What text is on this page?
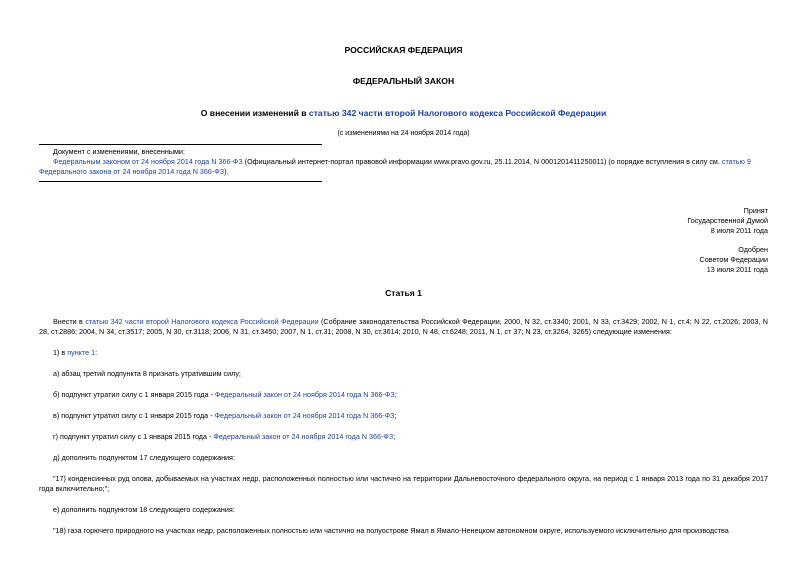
РОССИЙСКАЯ ФЕДЕРАЦИЯ
ФЕДЕРАЛЬНЫЙ ЗАКОН
О внесении изменений в статью 342 части второй Налогового кодекса Российской Федерации
(с изменениями на 24 ноября 2014 года)
Документ с изменениями, внесенными:
Федеральным законом от 24 ноября 2014 года N 366-ФЗ (Официальный интернет-портал правовой информации www.pravo.gov.ru, 25.11.2014, N 0001201411250011) (о порядке вступления в силу см. статью 9 Федерального закона от 24 ноября 2014 года N 366-ФЗ).
Принят
Государственной Думой
8 июля 2011 года
Одобрен
Советом Федерации
13 июля 2011 года
Статья 1
Внести в статью 342 части второй Налогового кодекса Российской Федерации (Собрание законодательства Российской Федерации, 2000, N 32, ст.3340; 2001, N 33, ст.3429; 2002, N 1, ст.4; N 22, ст.2026; 2003, N 28, ст.2886; 2004, N 34, ст.3517; 2005, N 30, ст.3118; 2006, N 31, ст.3450; 2007, N 1, ст.31; 2008, N 30, ст.3614; 2010, N 48, ст.6248; 2011, N 1, ст 37; N 23, ст.3264, 3265) следующие изменения:
1) в пункте 1:
а) абзац третий подпункта 8 признать утратившим силу;
б) подпункт утратил силу с 1 января 2015 года - Федеральный закон от 24 ноября 2014 года N 366-ФЗ;
в) подпункт утратил силу с 1 января 2015 года - Федеральный закон от 24 ноября 2014 года N 366-ФЗ;
г) подпункт утратил силу с 1 января 2015 года - Федеральный закон от 24 ноября 2014 года N 366-ФЗ;
д) дополнить подпунктом 17 следующего содержания:
"17) конденсинных руд олова, добываемых на участках недр, расположенных полностью или частично на территории Дальневосточного федерального округа, на период с 1 января 2013 года по 31 декабря 2017 года включительно;";
е) дополнить подпунктом 18 следующего содержания:
"18) газа горючего природного на участках недр, расположенных полностью или частично на полуострове Ямал в Ямало-Ненецком автономном округе, используемого исключительно для производства
